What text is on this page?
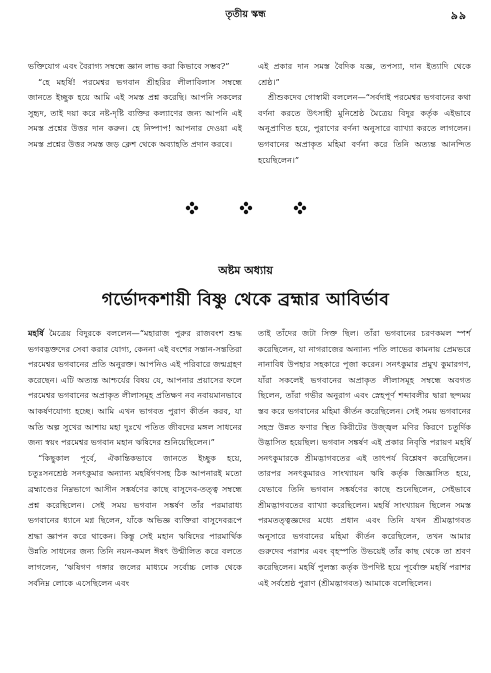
তৃতীয় স্কন্ধ	৯৯

ভক্তিযোগ এবং বৈরাগ্য সম্বন্ধে জ্ঞান লাভ করা কিভাবে সম্ভব?”

“হে মহর্ষি! পরমেশ্বর ভগবান শ্রীহরির লীলাবিলাস সম্বন্ধে জানতে ইচ্ছুক হয়ে আমি এই সমস্ত প্রশ্ন করেছি। আপনি সকলের সুহৃদ, তাই দয়া করে নষ্ট-দৃষ্টি ব্যক্তির কল্যাণের জন্য আপনি এই সমস্ত প্রশ্নের উত্তর দান করুন। হে নিষ্পাপ! আপনার দেওয়া এই সমস্ত প্রশ্নের উত্তর সমস্ত জড় ক্লেশ থেকে অব্যাহতি প্রদান করবে।

এই প্রকার দান সমস্ত বৈদিক যজ্ঞ, তপস্যা, দান ইত্যাদি থেকে শ্রেষ্ঠ।”

শ্রীশুকদেব গোস্বামী বললেন—“সর্বদাই পরমেশ্বর ভগবানের কথা বর্ণনা করতে উৎসাহী মুনিশ্রেষ্ঠ মৈত্রেয় বিদুর কর্তৃক এইভাবে অনুপ্রাণিত হয়ে, পুরাণের বর্ণনা অনুসারে ব্যাখ্যা করতে লাগলেন। ভগবানের অপ্রাকৃত মহিমা বর্ণনা করে তিনি অত্যন্ত আনন্দিত হয়েছিলেন।”

অষ্টম অধ্যায়
গর্ভোদকশায়ী বিষ্ণু থেকে ব্রহ্মার আবির্ভাব

মহর্ষি মৈত্রেয় বিদুরকে বললেন—“মহারাজ পুরুর রাজবংশ শুদ্ধ ভগবদ্ভক্তদের সেবা করার যোগ্য, কেননা এই বংশের সন্তান-সন্ততিরা পরমেশ্বর ভগবানের প্রতি অনুরক্ত। আপনিও এই পরিবারে জন্মগ্রহণ করেছেন। এটি অত্যন্ত আশ্চর্যের বিষয় যে, আপনার প্রয়াসের ফলে পরমেশ্বর ভগবানের অপ্রাকৃত লীলাসমূহ প্রতিক্ষণ নব নবায়মানভাবে আকর্ষণযোগ্য হচ্ছে। আমি এখন ভাগবত পুরাণ কীর্তন করব, যা অতি অল্প সুখের আশায় মহা দুঃখে পতিত জীবদের মঙ্গল সাধনের জন্য স্বয়ং পরমেশ্বর ভগবান মহান ঋষিদের শুনিয়েছিলেন।”

“কিছুকাল পূর্বে, ঐকান্তিকভাবে জানতে ইচ্ছুক হয়ে, চতুঃসনশ্রেষ্ঠ সনৎকুমার অন্যান্য মহর্ষিগণসহ ঠিক আপনারই মতো ব্রহ্মাণ্ডের নিম্নভাগে আসীন সঙ্কর্ষণের কাছে বাসুদেব-তত্ত্ব সম্বন্ধে প্রশ্ন করেছিলেন। সেই সময় ভগবান সঙ্কর্ষণ তাঁর পরমারাধ্য ভগবানের ধ্যানে মগ্ন ছিলেন, যাঁকে অভিজ্ঞ ব্যক্তিরা বাসুদেবরূপে শ্রদ্ধা জ্ঞাপন করে থাকেন। কিন্তু সেই মহান ঋষিদের পারমার্থিক উন্নতি সাধনের জন্য তিনি নয়ন-কমল ঈষৎ উন্মীলিত করে বলতে লাগলেন, ‘ঋষিগণ গঙ্গার জলের মাধ্যমে সর্বোচ্চ লোক থেকে সর্বনিম্ন লোকে এসেছিলেন এবং

তাই তাঁদের জটা সিক্ত ছিল। তাঁরা ভগবানের চরণকমল স্পর্শ করেছিলেন, যা নাগরাজের অন্যান্য পতি লাভের কামনায় প্রেমভরে নানাবিধ উপহার সহকারে পূজা করেন। সনৎকুমার প্রমুখ কুমারগণ, যাঁরা সকলেই ভগবানের অপ্রাকৃত লীলাসমূহ সম্বন্ধে অবগত ছিলেন, তাঁরা গভীর অনুরাগ এবং স্নেহপূর্ণ শব্দাবলীর দ্বারা ছন্দময় স্তব করে ভগবানের মহিমা কীর্তন করেছিলেন। সেই সময় ভগবানের সহস্র উন্নত ফণার স্থিত কিরীটের উজ্জ্বল মণির কিরণে চতুর্দিক উদ্ভাসিত হয়েছিল। ভগবান সঙ্কর্ষণ এই প্রকার নিবৃত্তি পরায়ণ মহর্ষি সনৎকুমারকে শ্রীমদ্ভাগবতের এই তাৎপর্য বিশ্লেষণ করেছিলেন। তারপর সনৎকুমারও সাংখ্যায়ন ঋষি কর্তৃক জিজ্ঞাসিত হয়ে, যেভাবে তিনি ভগবান সঙ্কর্ষণের কাছে শুনেছিলেন, সেইভাবে শ্রীমদ্ভাগবতের ব্যাখ্যা করেছিলেন। মহর্ষি সাংখ্যায়ন ছিলেন সমস্ত পরমতত্ত্বজ্ঞদের মধ্যে প্রধান এবং তিনি যখন শ্রীমদ্ভাগবত অনুসারে ভগবানের মহিমা কীর্তন করেছিলেন, তখন আমার গুরুদেব পরাশর এবং বৃহস্পতি উভয়েই তাঁর কাছ থেকে তা শ্রবণ করেছিলেন। মহর্ষি পুলস্ত্য কর্তৃক উপদিষ্ট হয়ে পূর্বোক্ত মহর্ষি পরাশর এই সর্বশ্রেষ্ঠ পুরাণ (শ্রীমদ্ভাগবত) আমাকে বলেছিলেন।
